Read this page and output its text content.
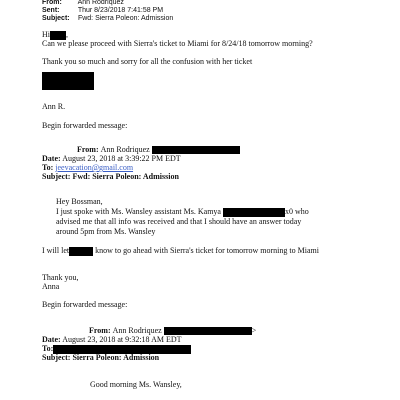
From: Ann Rodriquez
Sent:	Thur 8/23/2018 7:41:58 PM
Subject: Fwd: Sierra Poleon: Admission
Hi ,
Can we please proceed with Sierra's ticket to Miami for 8/24/18 tomorrow morning?
Thank you so much and sorry for all the confusion with her ticket
Ann R.
Begin forwarded message:
From: Ann Rodriquez
Date: August 23, 2018 at 3:39:22 PM EDT
To: jeevacation@gmail.com
Subject: Fwd: Sierra Poleon: Admission
Hey Bossman,
I just spoke with Ms. Wansley assistant Ms. Kamya	x0 who
advised me that all info was received and that I should have an answer today
around 5pm from Ms. Wansley
I will let	know to go ahead with Sierra's ticket for tomorrow morning to Miami
Thank you,
Anna
Begin forwarded message:
From: Ann Rodriquez	>
Date: August 23, 2018 at 9:32:18 AM EDT
To:
Subject: Sierra Poleon: Admission
Good morning Ms. Wansley,
